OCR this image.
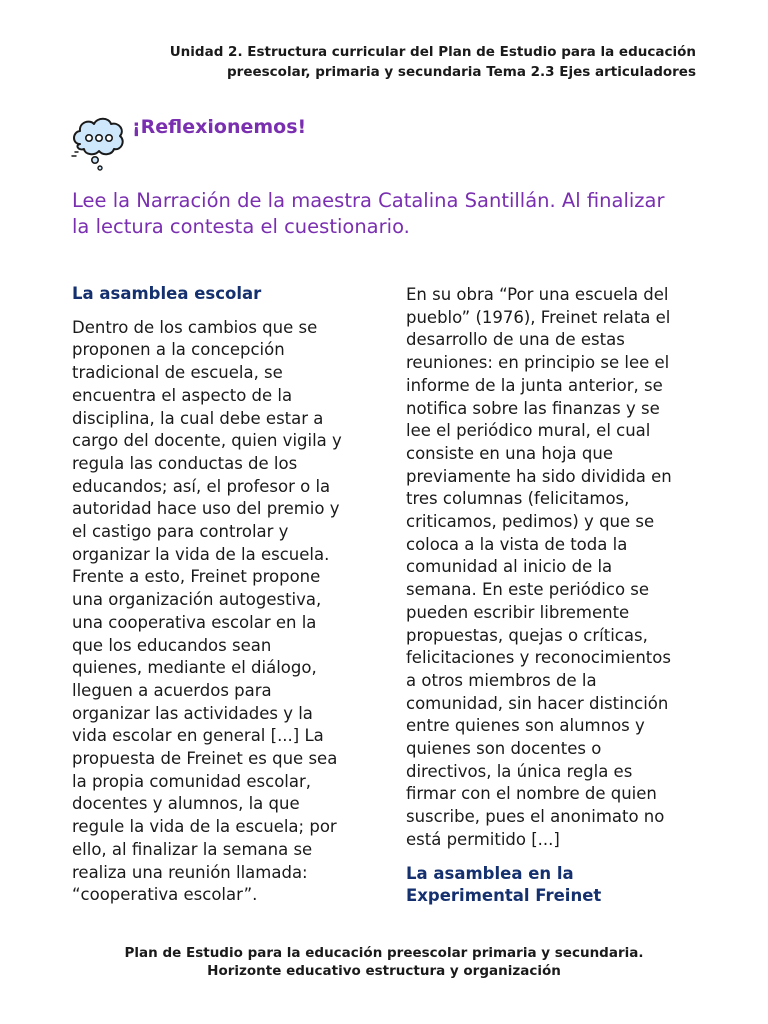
Unidad 2. Estructura curricular del Plan de Estudio para la educación
preescolar, primaria y secundaria Tema 2.3 Ejes articuladores
¡Reflexionemos!
Lee la Narración de la maestra Catalina Santillán. Al finalizar
la lectura contesta el cuestionario.
La asamblea escolar
Dentro de los cambios que se
proponen a la concepción
tradicional de escuela, se
encuentra el aspecto de la
disciplina, la cual debe estar a
cargo del docente, quien vigila y
regula las conductas de los
educandos; así, el profesor o la
autoridad hace uso del premio y
el castigo para controlar y
organizar la vida de la escuela.
Frente a esto, Freinet propone
una organización autogestiva,
una cooperativa escolar en la
que los educandos sean
quienes, mediante el diálogo,
lleguen a acuerdos para
organizar las actividades y la
vida escolar en general [...] La
propuesta de Freinet es que sea
la propia comunidad escolar,
docentes y alumnos, la que
regule la vida de la escuela; por
ello, al finalizar la semana se
realiza una reunión llamada:
“cooperativa escolar”.
En su obra “Por una escuela del
pueblo” (1976), Freinet relata el
desarrollo de una de estas
reuniones: en principio se lee el
informe de la junta anterior, se
notifica sobre las finanzas y se
lee el periódico mural, el cual
consiste en una hoja que
previamente ha sido dividida en
tres columnas (felicitamos,
criticamos, pedimos) y que se
coloca a la vista de toda la
comunidad al inicio de la
semana. En este periódico se
pueden escribir libremente
propuestas, quejas o críticas,
felicitaciones y reconocimientos
a otros miembros de la
comunidad, sin hacer distinción
entre quienes son alumnos y
quienes son docentes o
directivos, la única regla es
firmar con el nombre de quien
suscribe, pues el anonimato no
está permitido [...]
La asamblea en la
Experimental Freinet
Plan de Estudio para la educación preescolar primaria y secundaria.
Horizonte educativo estructura y organización
